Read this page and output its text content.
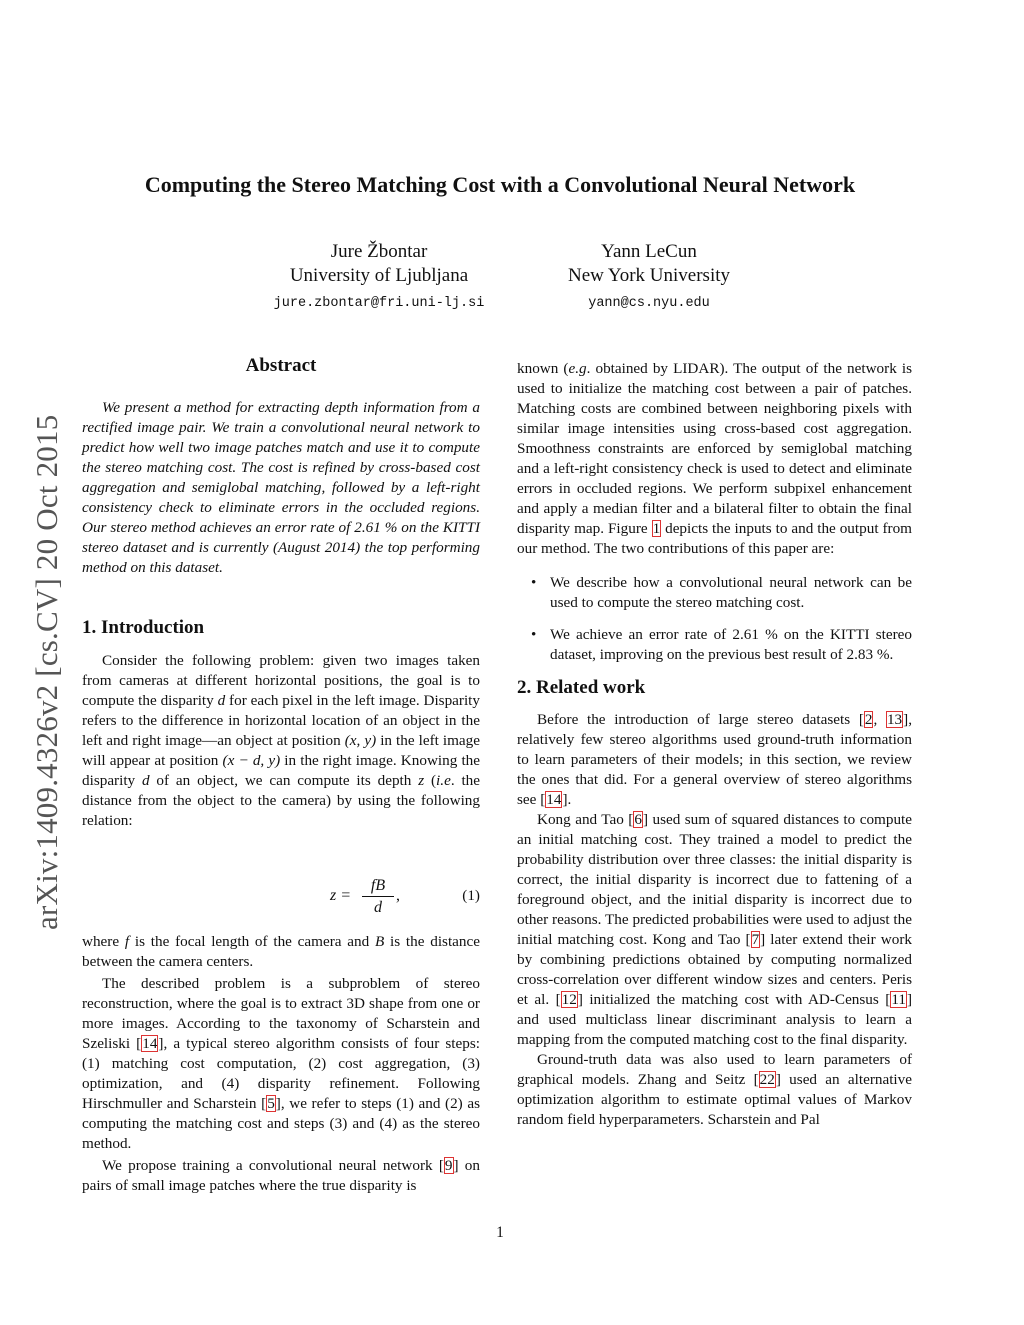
arXiv:1409.4326v2 [cs.CV] 20 Oct 2015
Computing the Stereo Matching Cost with a Convolutional Neural Network
Jure Žbontar
University of Ljubljana
jure.zbontar@fri.uni-lj.si
Yann LeCun
New York University
yann@cs.nyu.edu
Abstract

We present a method for extracting depth information from a rectified image pair. We train a convolutional neural network to predict how well two image patches match and use it to compute the stereo matching cost. The cost is refined by cross-based cost aggregation and semiglobal matching, followed by a left-right consistency check to eliminate errors in the occluded regions. Our stereo method achieves an error rate of 2.61 % on the KITTI stereo dataset and is currently (August 2014) the top performing method on this dataset.

1. Introduction

Consider the following problem: given two images taken from cameras at different horizontal positions, the goal is to compute the disparity d for each pixel in the left image. Disparity refers to the difference in horizontal location of an object in the left and right image—an object at position (x, y) in the left image will appear at position (x − d, y) in the right image. Knowing the disparity d of an object, we can compute its depth z (i.e. the distance from the object to the camera) by using the following relation:

$z = \frac{fB}{d}$ ,	(1)

where f is the focal length of the camera and B is the distance between the camera centers.

The described problem is a subproblem of stereo reconstruction, where the goal is to extract 3D shape from one or more images. According to the taxonomy of Scharstein and Szeliski [14], a typical stereo algorithm consists of four steps: (1) matching cost computation, (2) cost aggregation, (3) optimization, and (4) disparity refinement. Following Hirschmuller and Scharstein [5], we refer to steps (1) and (2) as computing the matching cost and steps (3) and (4) as the stereo method.

We propose training a convolutional neural network [9] on pairs of small image patches where the true disparity is

known (e.g. obtained by LIDAR). The output of the network is used to initialize the matching cost between a pair of patches. Matching costs are combined between neighboring pixels with similar image intensities using cross-based cost aggregation. Smoothness constraints are enforced by semiglobal matching and a left-right consistency check is used to detect and eliminate errors in occluded regions. We perform subpixel enhancement and apply a median filter and a bilateral filter to obtain the final disparity map. Figure 1 depicts the inputs to and the output from our method. The two contributions of this paper are:

• We describe how a convolutional neural network can be used to compute the stereo matching cost.
• We achieve an error rate of 2.61 % on the KITTI stereo dataset, improving on the previous best result of 2.83 %.
2. Related work

Before the introduction of large stereo datasets [2, 13], relatively few stereo algorithms used ground-truth information to learn parameters of their models; in this section, we review the ones that did. For a general overview of stereo algorithms see [14].

Kong and Tao [6] used sum of squared distances to compute an initial matching cost. They trained a model to predict the probability distribution over three classes: the initial disparity is correct, the initial disparity is incorrect due to fattening of a foreground object, and the initial disparity is incorrect due to other reasons. The predicted probabilities were used to adjust the initial matching cost. Kong and Tao [7] later extend their work by combining predictions obtained by computing normalized cross-correlation over different window sizes and centers. Peris et al. [12] initialized the matching cost with AD-Census [11] and used multiclass linear discriminant analysis to learn a mapping from the computed matching cost to the final disparity.

Ground-truth data was also used to learn parameters of graphical models. Zhang and Seitz [22] used an alternative optimization algorithm to estimate optimal values of Markov random field hyperparameters. Scharstein and Pal

1
